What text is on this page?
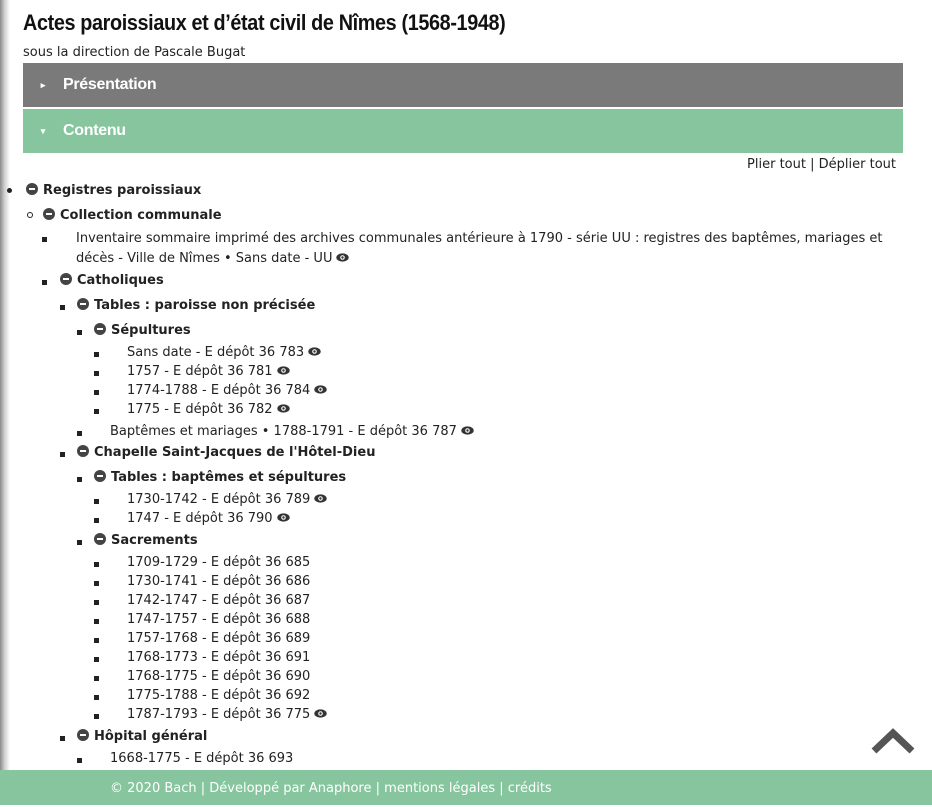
Actes paroissiaux et d’état civil de Nîmes (1568-1948)
sous la direction de Pascale Bugat
▸	Présentation
▾	Contenu
Plier tout | Déplier tout
Registres paroissiaux
Collection communale
Inventaire sommaire imprimé des archives communales antérieure à 1790 - série UU : registres des baptêmes, mariages et
décès - Ville de Nîmes • Sans date - UU
Catholiques
Tables : paroisse non précisée
Sépultures
Sans date - E dépôt 36 783
1757 - E dépôt 36 781
1774-1788 - E dépôt 36 784
1775 - E dépôt 36 782
Baptêmes et mariages • 1788-1791 - E dépôt 36 787
Chapelle Saint-Jacques de l'Hôtel-Dieu
Tables : baptêmes et sépultures
1730-1742 - E dépôt 36 789
1747 - E dépôt 36 790
Sacrements
1709-1729 - E dépôt 36 685
1730-1741 - E dépôt 36 686
1742-1747 - E dépôt 36 687
1747-1757 - E dépôt 36 688
1757-1768 - E dépôt 36 689
1768-1773 - E dépôt 36 691
1768-1775 - E dépôt 36 690
1775-1788 - E dépôt 36 692
1787-1793 - E dépôt 36 775
Hôpital général
1668-1775 - E dépôt 36 693
© 2020 Bach | Développé par Anaphore | mentions légales | crédits
